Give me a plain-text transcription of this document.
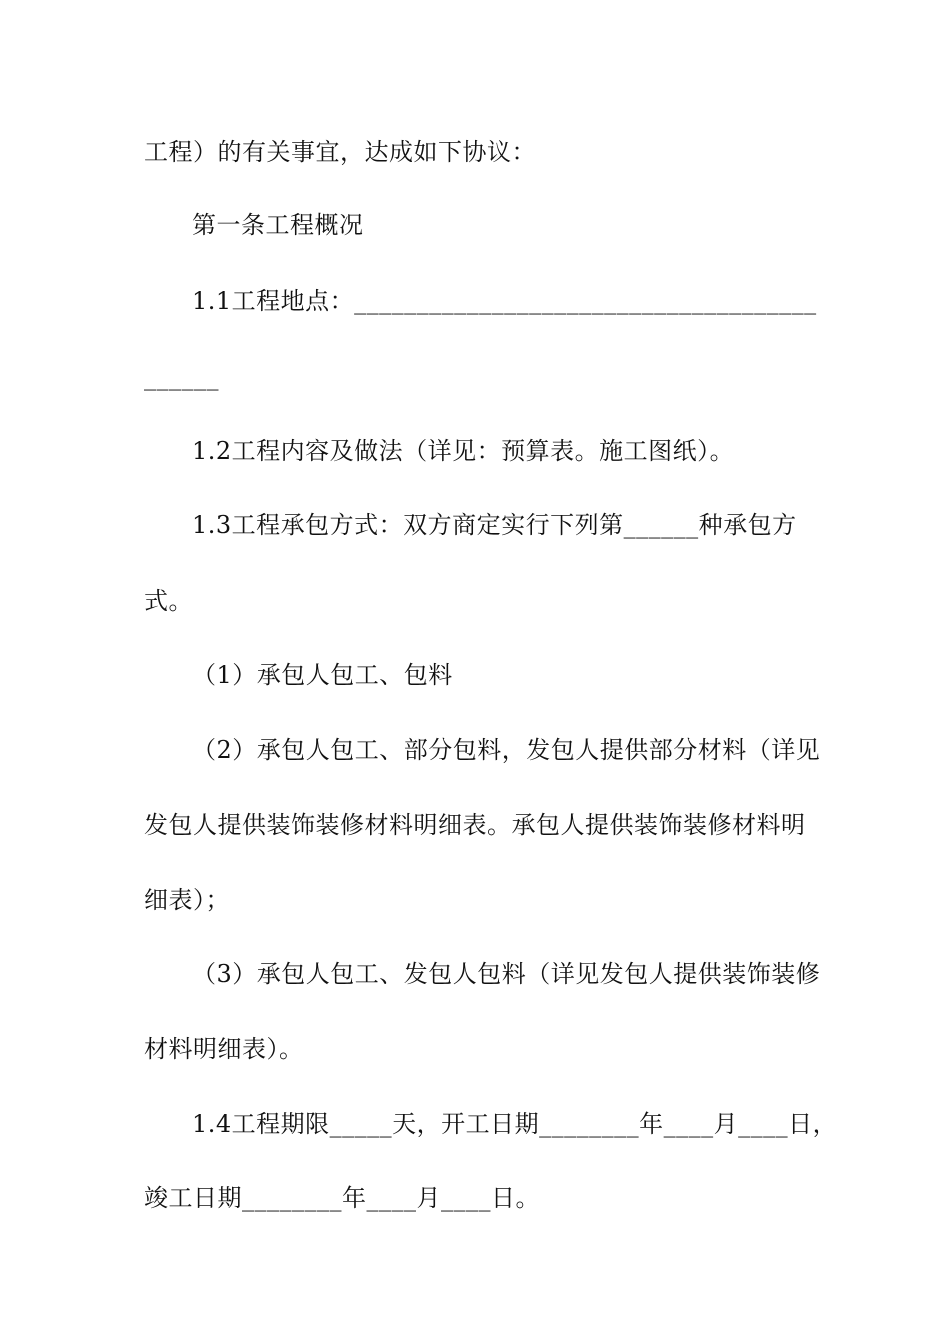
工程）的有关事宜，达成如下协议：
第一条工程概况
1.1工程地点：_____________________________________
______
1.2工程内容及做法（详见：预算表。施工图纸）。
1.3工程承包方式：双方商定实行下列第______种承包方
式。
（1）承包人包工、包料
（2）承包人包工、部分包料，发包人提供部分材料（详见
发包人提供装饰装修材料明细表。承包人提供装饰装修材料明
细表）；
（3）承包人包工、发包人包料（详见发包人提供装饰装修
材料明细表）。
1.4工程期限_____天，开工日期________年____月____日，
竣工日期________年____月____日。
